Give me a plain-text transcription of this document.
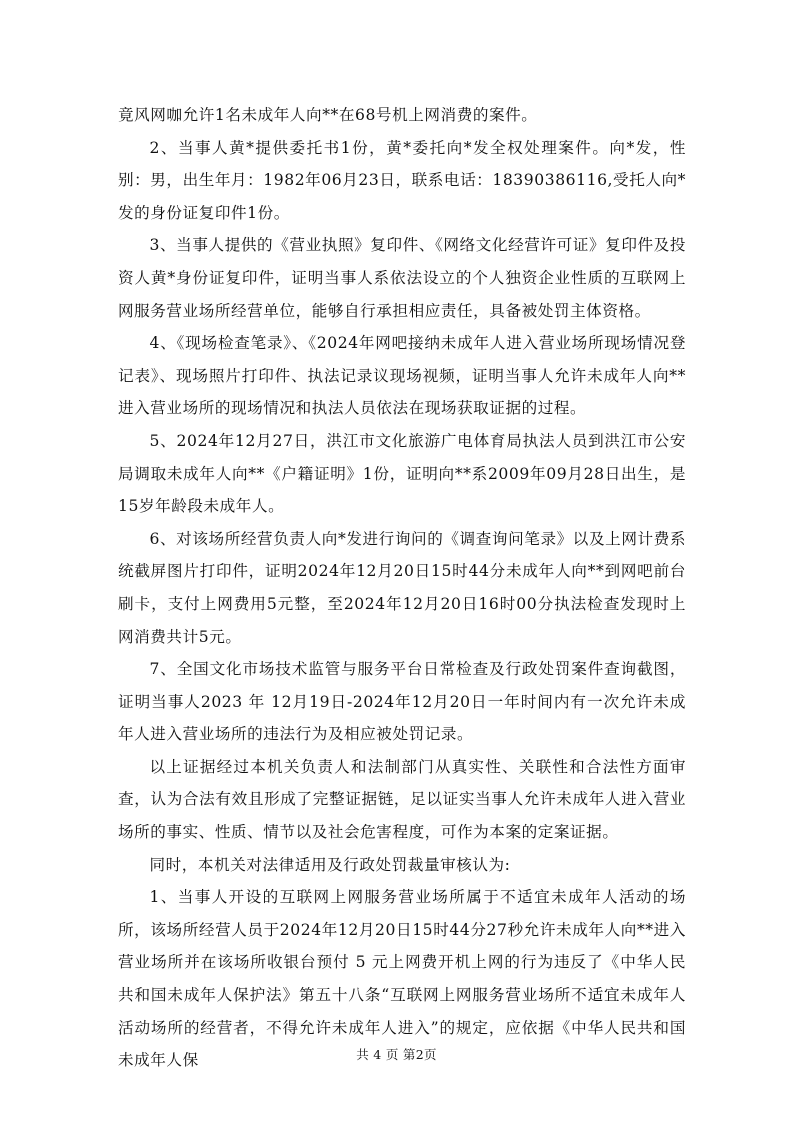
竟风网咖允许1名未成年人向**在68号机上网消费的案件。

2、当事人黄*提供委托书1份，黄*委托向*发全权处理案件。向*发，性别：男，出生年月：1982年06月23日，联系电话：18390386116,受托人向*发的身份证复印件1份。

3、当事人提供的《营业执照》复印件、《网络文化经营许可证》复印件及投资人黄*身份证复印件，证明当事人系依法设立的个人独资企业性质的互联网上网服务营业场所经营单位，能够自行承担相应责任，具备被处罚主体资格。

4、《现场检查笔录》、《2024年网吧接纳未成年人进入营业场所现场情况登记表》、现场照片打印件、执法记录议现场视频，证明当事人允许未成年人向**进入营业场所的现场情况和执法人员依法在现场获取证据的过程。

5、2024年12月27日，洪江市文化旅游广电体育局执法人员到洪江市公安局调取未成年人向**《户籍证明》1份，证明向**系2009年09月28日出生，是15岁年龄段未成年人。

6、对该场所经营负责人向*发进行询问的《调查询问笔录》以及上网计费系统截屏图片打印件，证明2024年12月20日15时44分未成年人向**到网吧前台刷卡，支付上网费用5元整，至2024年12月20日16时00分执法检查发现时上网消费共计5元。

7、全国文化市场技术监管与服务平台日常检查及行政处罚案件查询截图，证明当事人2023 年 12月19日-2024年12月20日一年时间内有一次允许未成年人进入营业场所的违法行为及相应被处罚记录。

以上证据经过本机关负责人和法制部门从真实性、关联性和合法性方面审查，认为合法有效且形成了完整证据链，足以证实当事人允许未成年人进入营业场所的事实、性质、情节以及社会危害程度，可作为本案的定案证据。

同时，本机关对法律适用及行政处罚裁量审核认为:

1、当事人开设的互联网上网服务营业场所属于不适宜未成年人活动的场所，该场所经营人员于2024年12月20日15时44分27秒允许未成年人向**进入营业场所并在该场所收银台预付 5 元上网费开机上网的行为违反了《中华人民共和国未成年人保护法》第五十八条“互联网上网服务营业场所不适宜未成年人活动场所的经营者，不得允许未成年人进入”的规定，应依据《中华人民共和国未成年人保	共 4 页 第2页
